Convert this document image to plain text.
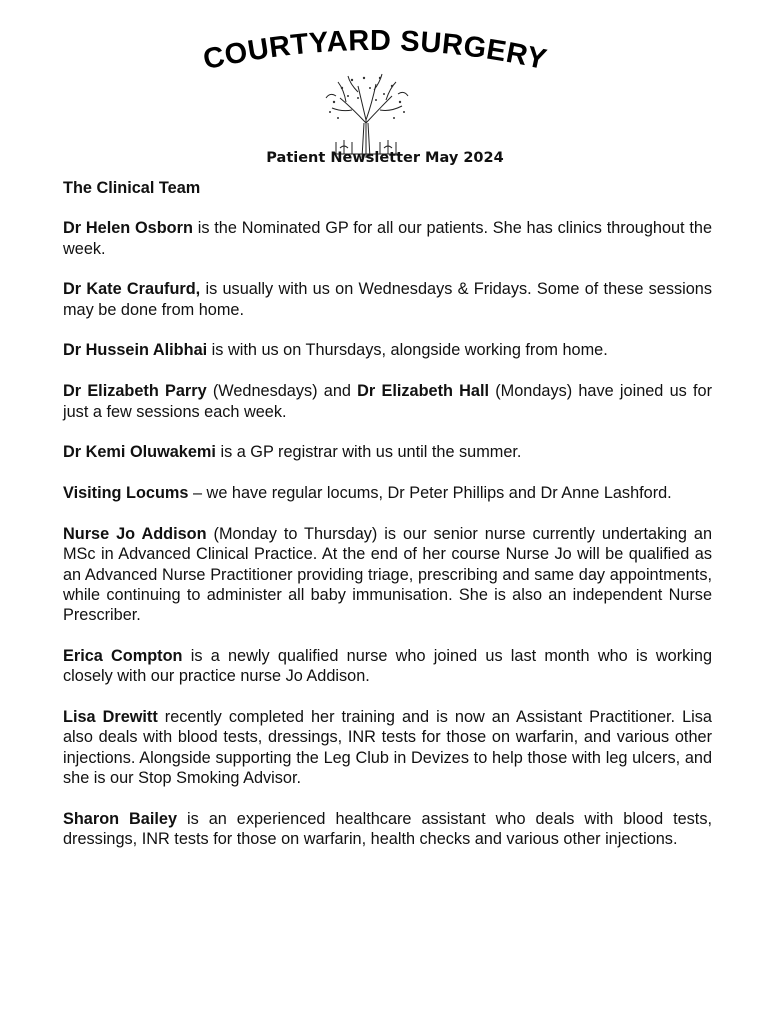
COURTYARD SURGERY
Patient Newsletter May 2024
The Clinical Team

Dr Helen Osborn is the Nominated GP for all our patients. She has clinics throughout the week.

Dr Kate Craufurd, is usually with us on Wednesdays & Fridays. Some of these sessions may be done from home.

Dr Hussein Alibhai is with us on Thursdays, alongside working from home.

Dr Elizabeth Parry (Wednesdays) and Dr Elizabeth Hall (Mondays) have joined us for just a few sessions each week.

Dr Kemi Oluwakemi is a GP registrar with us until the summer.

Visiting Locums – we have regular locums, Dr Peter Phillips and Dr Anne Lashford.

Nurse Jo Addison (Monday to Thursday) is our senior nurse currently undertaking an MSc in Advanced Clinical Practice. At the end of her course Nurse Jo will be qualified as an Advanced Nurse Practitioner providing triage, prescribing and same day appointments, while continuing to administer all baby immunisation. She is also an independent Nurse Prescriber.

Erica Compton is a newly qualified nurse who joined us last month who is working closely with our practice nurse Jo Addison.

Lisa Drewitt recently completed her training and is now an Assistant Practitioner. Lisa also deals with blood tests, dressings, INR tests for those on warfarin, and various other injections. Alongside supporting the Leg Club in Devizes to help those with leg ulcers, and she is our Stop Smoking Advisor.

Sharon Bailey is an experienced healthcare assistant who deals with blood tests, dressings, INR tests for those on warfarin, health checks and various other injections.
